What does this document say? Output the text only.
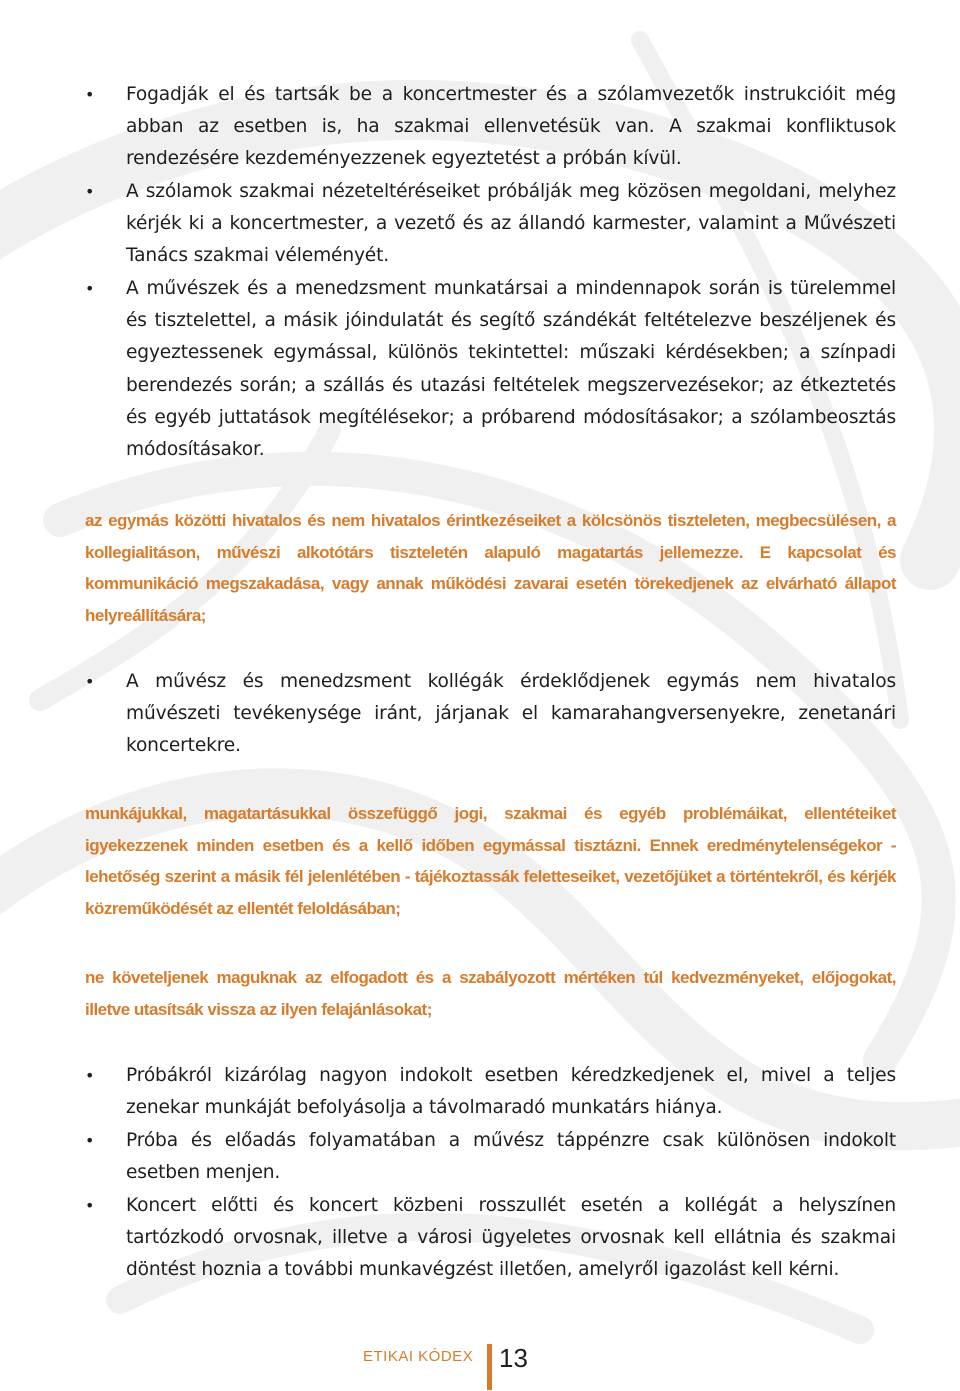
• Fogadják el és tartsák be a koncertmester és a szólamvezetők instrukcióit még abban az esetben is, ha szakmai ellenvetésük van. A szakmai konfliktusok rendezésére kezdeményezzenek egyeztetést a próbán kívül.
• A szólamok szakmai nézeteltéréseiket próbálják meg közösen megoldani, melyhez kérjék ki a koncertmester, a vezető és az állandó karmester, valamint a Művészeti Tanács szakmai véleményét.
• A művészek és a menedzsment munkatársai a mindennapok során is türelemmel és tisztelettel, a másik jóindulatát és segítő szándékát feltételezve beszéljenek és egyeztessenek egymással, különös tekintettel: műszaki kérdésekben; a színpadi berendezés során; a szállás és utazási feltételek megszervezésekor; az étkeztetés és egyéb juttatások megítélésekor; a próbarend módosításakor; a szólambeosztás módosításakor.
az egymás közötti hivatalos és nem hivatalos érintkezéseiket a kölcsönös tiszteleten, megbecsülésen, a kollegialitáson, művészi alkotótárs tiszteletén alapuló magatartás jellemezze. E kapcsolat és kommunikáció megszakadása, vagy annak működési zavarai esetén törekedjenek az elvárható állapot helyreállítására;
• A művész és menedzsment kollégák érdeklődjenek egymás nem hivatalos művészeti tevékenysége iránt, járjanak el kamarahangversenyekre, zenetanári koncertekre.
munkájukkal, magatartásukkal összefüggő jogi, szakmai és egyéb problémáikat, ellentéteiket igyekezzenek minden esetben és a kellő időben egymással tisztázni. Ennek eredménytelenségekor - lehetőség szerint a másik fél jelenlétében - tájékoztassák feletteseiket, vezetőjüket a történtekről, és kérjék közreműködését az ellentét feloldásában;
ne követeljenek maguknak az elfogadott és a szabályozott mértéken túl kedvezményeket, előjogokat, illetve utasítsák vissza az ilyen felajánlásokat;
• Próbákról kizárólag nagyon indokolt esetben kéredzkedjenek el, mivel a teljes zenekar munkáját befolyásolja a távolmaradó munkatárs hiánya.
• Próba és előadás folyamatában a művész táppénzre csak különösen indokolt esetben menjen.
• Koncert előtti és koncert közbeni rosszullét esetén a kollégát a helyszínen tartózkodó orvosnak, illetve a városi ügyeletes orvosnak kell ellátnia és szakmai döntést hoznia a további munkavégzést illetően, amelyről igazolást kell kérni.
ETIKAI KÓDEX 13
